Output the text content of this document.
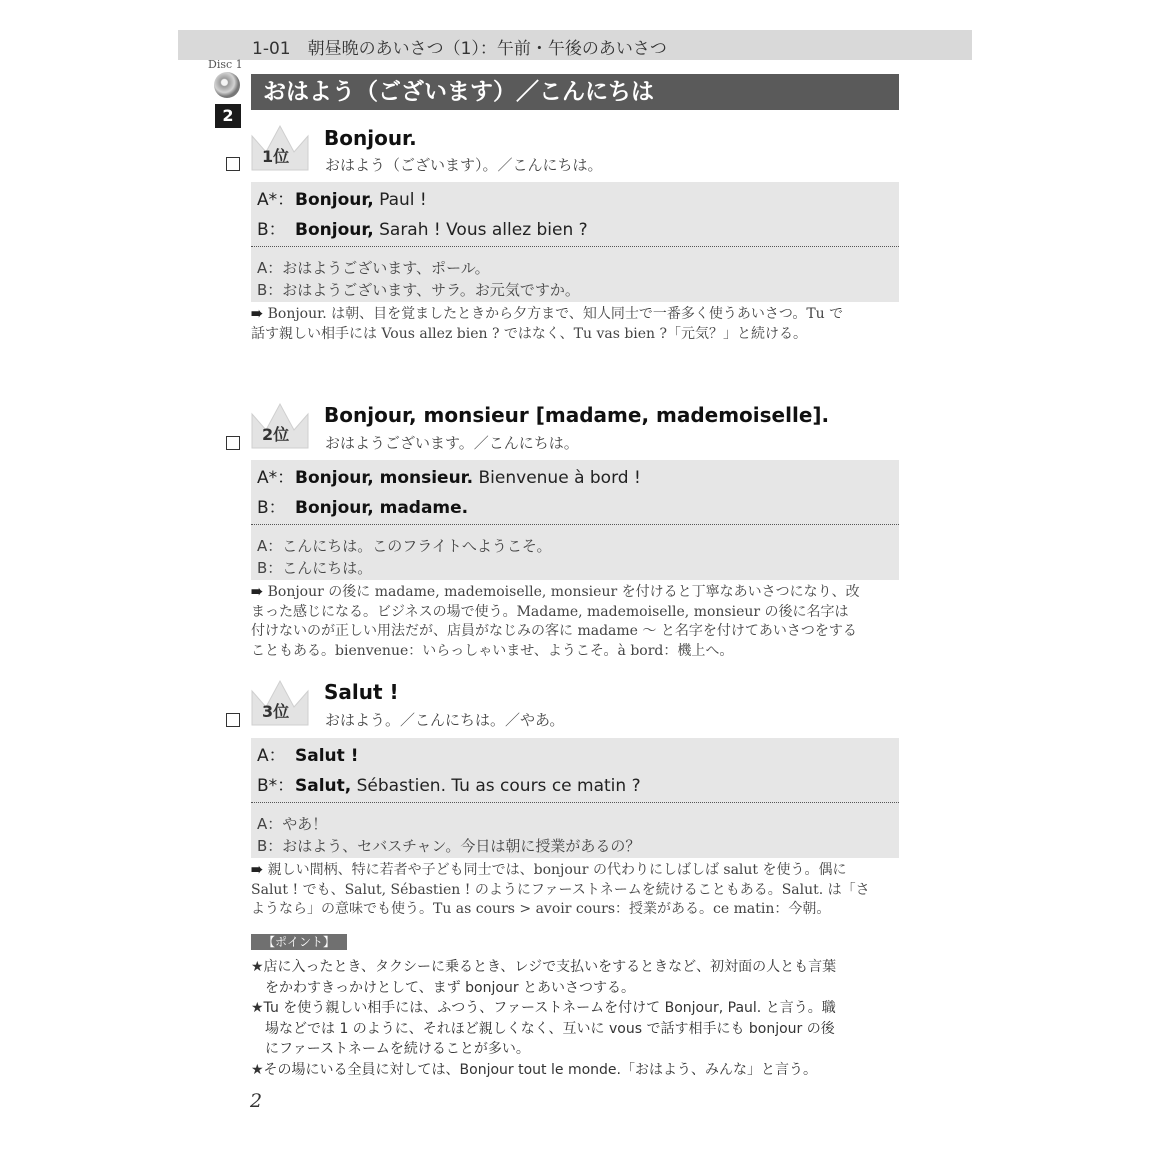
1-01　朝昼晩のあいさつ（1）：午前・午後のあいさつ
Disc 1
2
おはよう（ございます）／こんにちは
1位
Bonjour.
おはよう（ございます）。／こんにちは。
A*：Bonjour, Paul !
B： Bonjour, Sarah ! Vous allez bien ?
A：おはようございます、ポール。
B：おはようございます、サラ。お元気ですか。
➠ Bonjour. は朝、目を覚ましたときから夕方まで、知人同士で一番多く使うあいさつ。Tu で
話す親しい相手には Vous allez bien ? ではなく、Tu vas bien ?「元気？」と続ける。
2位
Bonjour, monsieur [madame, mademoiselle].
おはようございます。／こんにちは。
A*：Bonjour, monsieur. Bienvenue à bord !
B： Bonjour, madame.
A：こんにちは。このフライトへようこそ。
B：こんにちは。
➠ Bonjour の後に madame, mademoiselle, monsieur を付けると丁寧なあいさつになり、改
まった感じになる。ビジネスの場で使う。Madame, mademoiselle, monsieur の後に名字は
付けないのが正しい用法だが、店員がなじみの客に madame ～ と名字を付けてあいさつをする
こともある。bienvenue：いらっしゃいませ、ようこそ。à bord：機上へ。
3位
Salut !
おはよう。／こんにちは。／やあ。
A： Salut !
B*：Salut, Sébastien. Tu as cours ce matin ?
A：やあ！
B：おはよう、セバスチャン。今日は朝に授業があるの？
➠ 親しい間柄、特に若者や子ども同士では、bonjour の代わりにしばしば salut を使う。偶に
Salut ! でも、Salut, Sébastien ! のようにファーストネームを続けることもある。Salut. は「さ
ようなら」の意味でも使う。Tu as cours > avoir cours：授業がある。ce matin：今朝。
【ポイント】
★店に入ったとき、タクシーに乗るとき、レジで支払いをするときなど、初対面の人とも言葉
　をかわすきっかけとして、まず bonjour とあいさつする。
★Tu を使う親しい相手には、ふつう、ファーストネームを付けて Bonjour, Paul. と言う。職
　場などでは 1 のように、それほど親しくなく、互いに vous で話す相手にも bonjour の後
　にファーストネームを続けることが多い。
★その場にいる全員に対しては、Bonjour tout le monde.「おはよう、みんな」と言う。
2
